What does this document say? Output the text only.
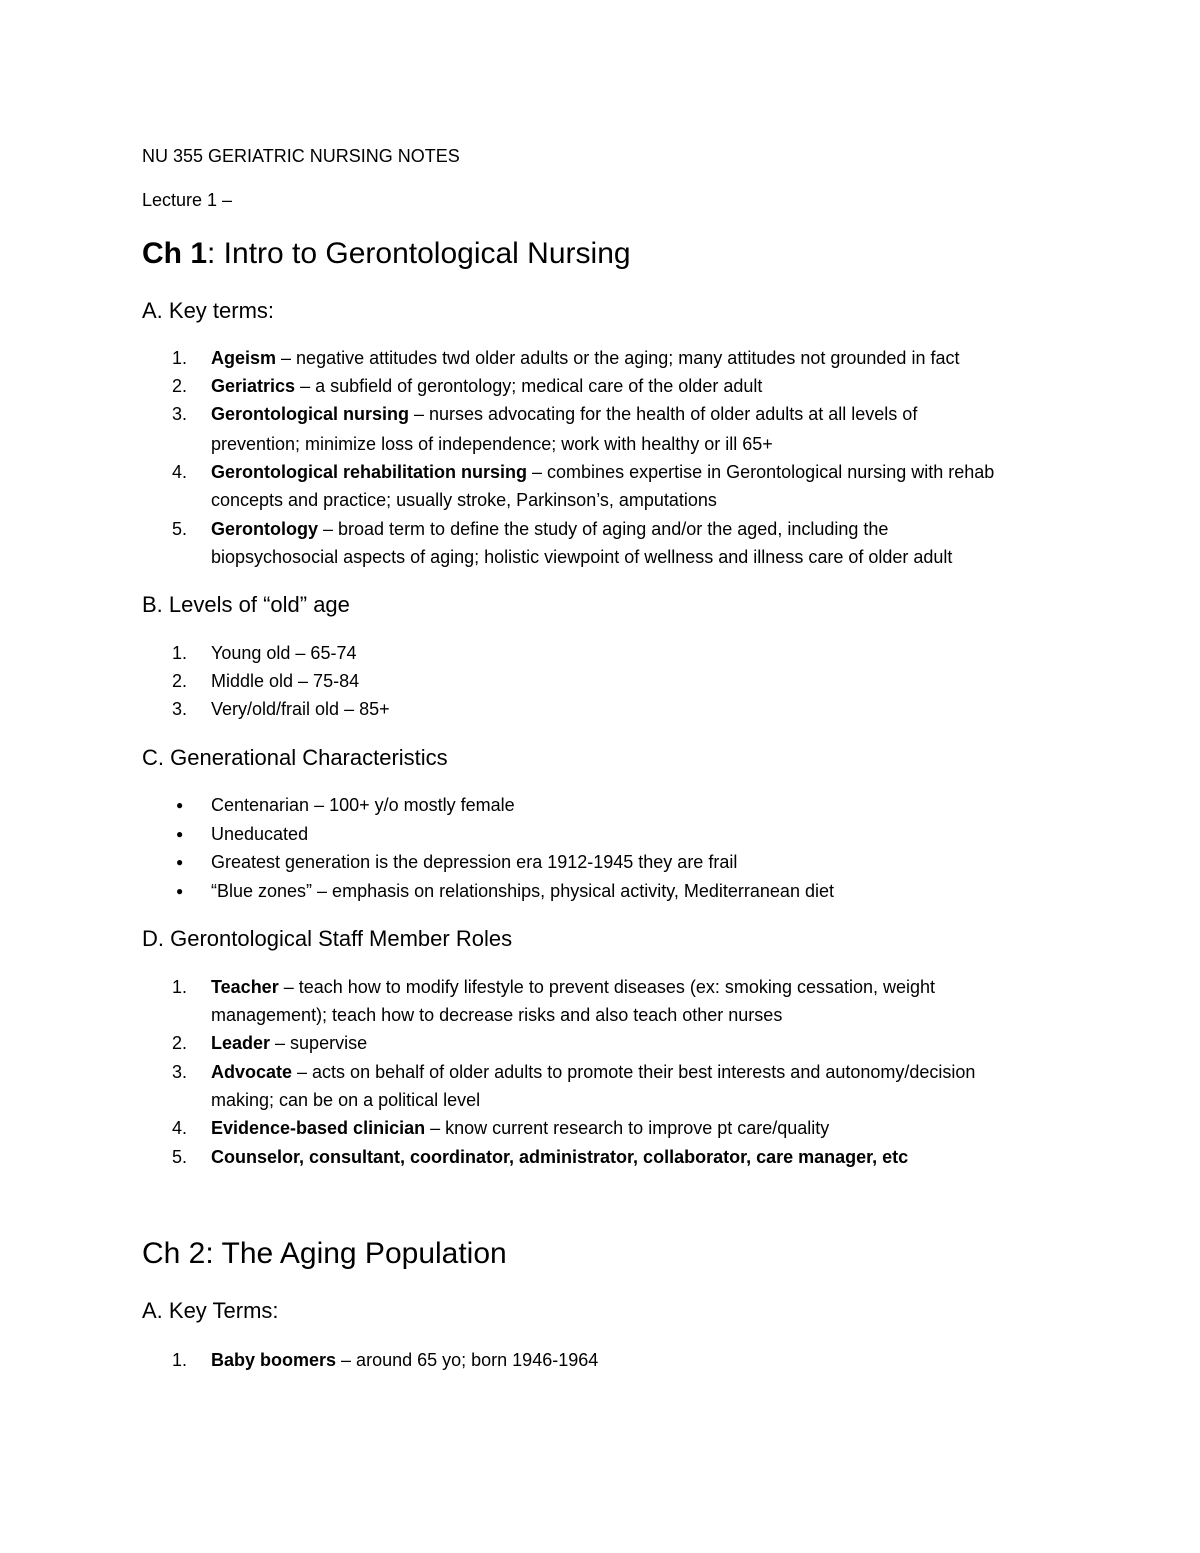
NU 355 GERIATRIC NURSING NOTES
Lecture 1 –
Ch 1: Intro to Gerontological Nursing
A. Key terms:
1.	Ageism – negative attitudes twd older adults or the aging; many attitudes not grounded in fact
2.	Geriatrics – a subfield of gerontology; medical care of the older adult
3.	Gerontological nursing – nurses advocating for the health of older adults at all levels of
prevention; minimize loss of independence; work with healthy or ill 65+
4.	Gerontological rehabilitation nursing – combines expertise in Gerontological nursing with rehab
concepts and practice; usually stroke, Parkinson’s, amputations
5.	Gerontology – broad term to define the study of aging and/or the aged, including the
biopsychosocial aspects of aging; holistic viewpoint of wellness and illness care of older adult
B. Levels of “old” age
1.	Young old – 65-74
2.	Middle old – 75-84
3.	Very/old/frail old – 85+
C. Generational Characteristics
●	Centenarian – 100+ y/o mostly female
●	Uneducated
●	Greatest generation is the depression era 1912-1945 they are frail
●	“Blue zones” – emphasis on relationships, physical activity, Mediterranean diet
D. Gerontological Staff Member Roles
1.	Teacher – teach how to modify lifestyle to prevent diseases (ex: smoking cessation, weight
management); teach how to decrease risks and also teach other nurses
2.	Leader – supervise
3.	Advocate – acts on behalf of older adults to promote their best interests and autonomy/decision
making; can be on a political level
4.	Evidence-based clinician – know current research to improve pt care/quality
5.	Counselor, consultant, coordinator, administrator, collaborator, care manager, etc
Ch 2: The Aging Population
A. Key Terms:
1.	Baby boomers – around 65 yo; born 1946-1964
